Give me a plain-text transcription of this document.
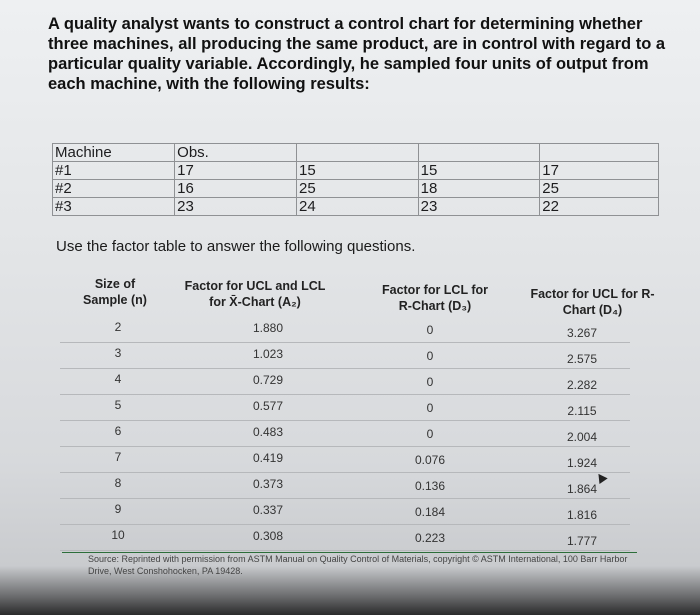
A quality analyst wants to construct a control chart for determining whether three machines, all producing the same product, are in control with regard to a particular quality variable. Accordingly, he sampled four units of output from each machine, with the following results:

Machine	Obs.			
#1	17	15	15	17
#2	16	25	18	25
#3	23	24	23	22
Use the factor table to answer the following questions.
Size of Sample (n)
Factor for UCL and LCL for X̄-Chart (A₂)
Factor for LCL for R-Chart (D₃)
Factor for UCL for R-Chart (D₄)
2	1.880	0	3.267
3	1.023	0	2.575
4	0.729	0	2.282
5	0.577	0	2.115
6	0.483	0	2.004
7	0.419	0.076	1.924
8	0.373	0.136	1.864
9	0.337	0.184	1.816
10	0.308	0.223	1.777
Source: Reprinted with permission from ASTM Manual on Quality Control of Materials, copyright © ASTM International, 100 Barr Harbor Drive, West Conshohocken, PA 19428.
